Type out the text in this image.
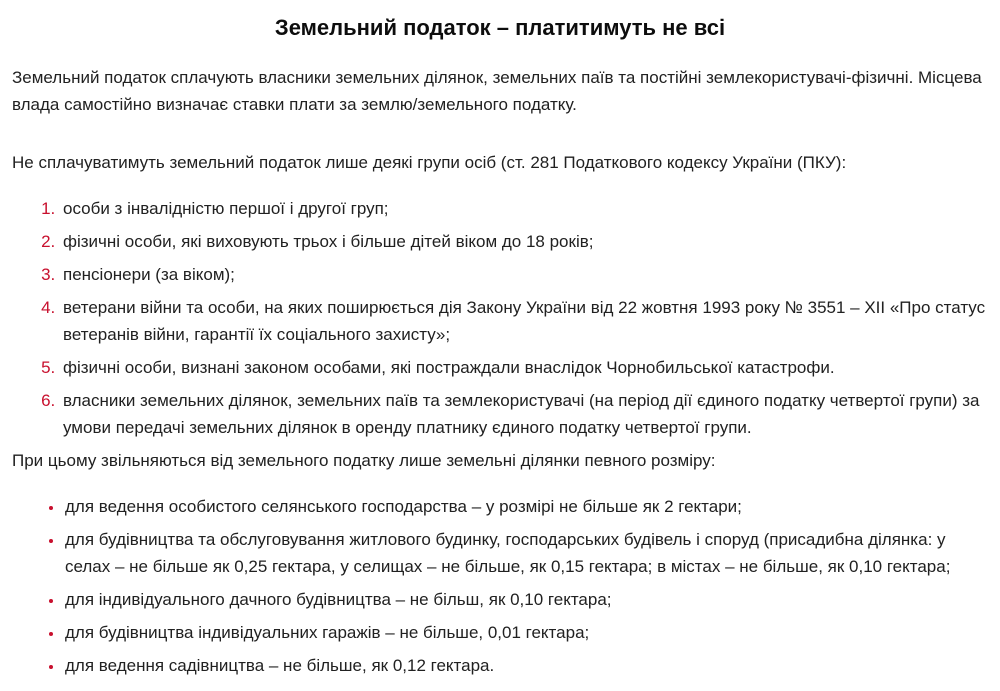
Земельний податок – платитимуть не всі

Земельний податок сплачують власники земельних ділянок, земельних паїв та постійні землекористувачі-фізичні. Місцева влада самостійно визначає ставки плати за землю/земельного податку.

Не сплачуватимуть земельний податок лише деякі групи осіб (ст. 281 Податкового кодексу України (ПКУ):

1. особи з інвалідністю першої і другої груп;
2. фізичні особи, які виховують трьох і більше дітей віком до 18 років;
3. пенсіонери (за віком);
4. ветерани війни та особи, на яких поширюється дія Закону України від 22 жовтня 1993 року № 3551 – ХІІ «Про статус ветеранів війни, гарантії їх соціального захисту»;
5. фізичні особи, визнані законом особами, які постраждали внаслідок Чорнобильської катастрофи.
6. власники земельних ділянок, земельних паїв та землекористувачі (на період дії єдиного податку четвертої групи) за умови передачі земельних ділянок в оренду платнику єдиного податку четвертої групи.

При цьому звільняються від земельного податку лише земельні ділянки певного розміру:

• для ведення особистого селянського господарства – у розмірі не більше як 2 гектари;
• для будівництва та обслуговування житлового будинку, господарських будівель і споруд (присадибна ділянка: у селах – не більше як 0,25 гектара, у селищах – не більше, як 0,15 гектара; в містах – не більше, як 0,10 гектара;
• для індивідуального дачного будівництва – не більш, як 0,10 гектара;
• для будівництва індивідуальних гаражів – не більше, 0,01 гектара;
• для ведення садівництва – не більше, як 0,12 гектара.
